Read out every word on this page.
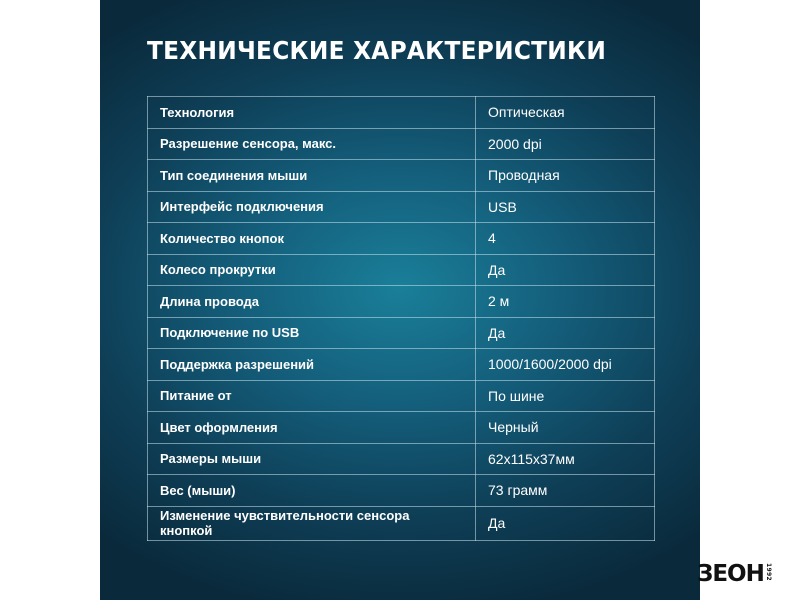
ТЕХНИЧЕСКИЕ ХАРАКТЕРИСТИКИ
Технология	Оптическая
Разрешение сенсора, макс.	2000 dpi
Тип соединения мыши	Проводная
Интерфейс подключения	USB
Количество кнопок	4
Колесо прокрутки	Да
Длина провода	2 м
Подключение по USB	Да
Поддержка разрешений	1000/1600/2000 dpi
Питание от	По шине
Цвет оформления	Черный
Размеры мыши	62x115x37мм
Вес (мыши)	73 грамм
Изменение чувствительности сенсора кнопкой	Да
ЗЕОН 1992
